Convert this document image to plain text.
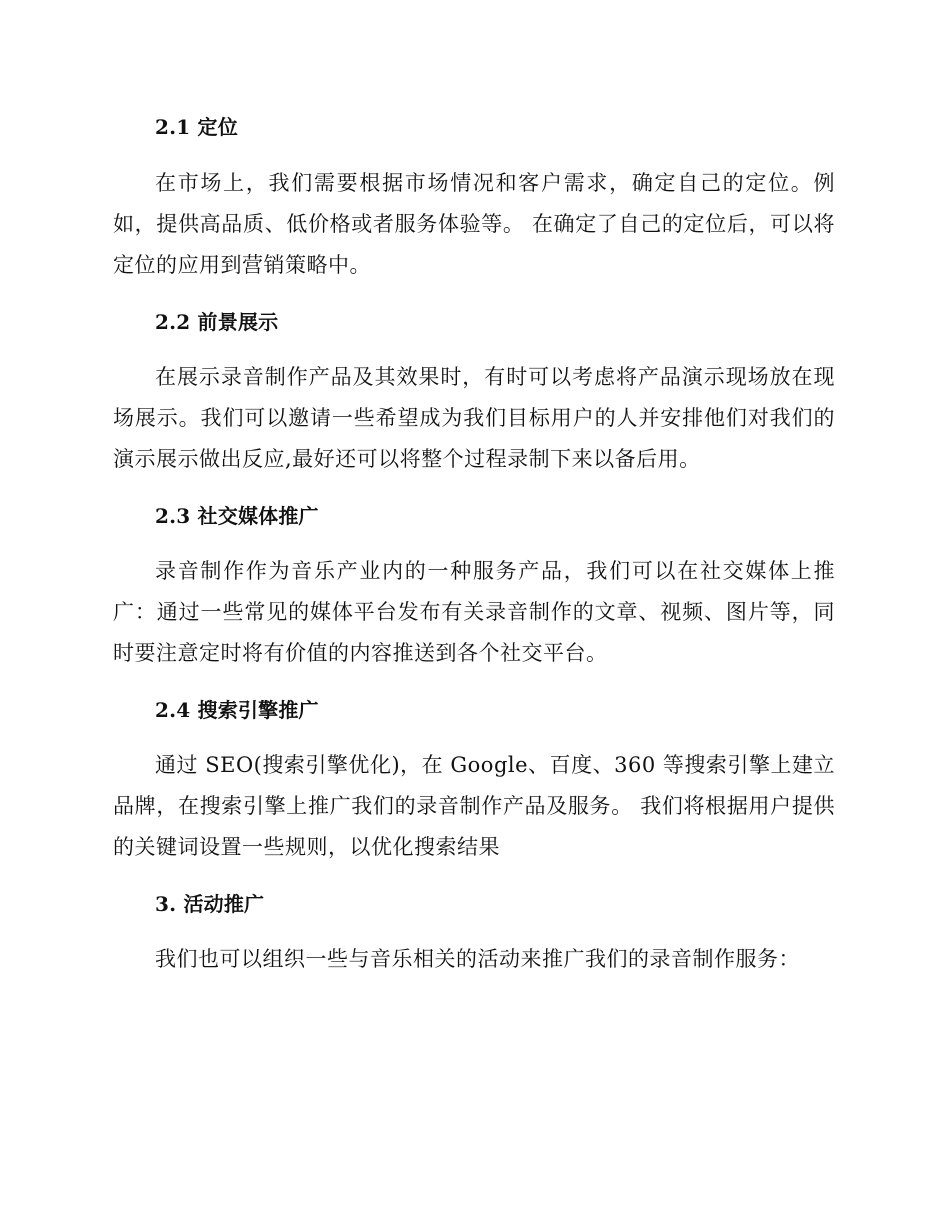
2.1 定位

在市场上，我们需要根据市场情况和客户需求，确定自己的定位。例如，提供高品质、低价格或者服务体验等。 在确定了自己的定位后，可以将定位的应用到营销策略中。

2.2 前景展示

在展示录音制作产品及其效果时，有时可以考虑将产品演示现场放在现场展示。我们可以邀请一些希望成为我们目标用户的人并安排他们对我们的演示展示做出反应,最好还可以将整个过程录制下来以备后用。

2.3 社交媒体推广

录音制作作为音乐产业内的一种服务产品，我们可以在社交媒体上推广：通过一些常见的媒体平台发布有关录音制作的文章、视频、图片等，同时要注意定时将有价值的内容推送到各个社交平台。

2.4 搜索引擎推广

通过 SEO(搜索引擎优化)，在 Google、百度、360 等搜索引擎上建立品牌，在搜索引擎上推广我们的录音制作产品及服务。 我们将根据用户提供的关键词设置一些规则，以优化搜索结果

3. 活动推广

我们也可以组织一些与音乐相关的活动来推广我们的录音制作服务：
